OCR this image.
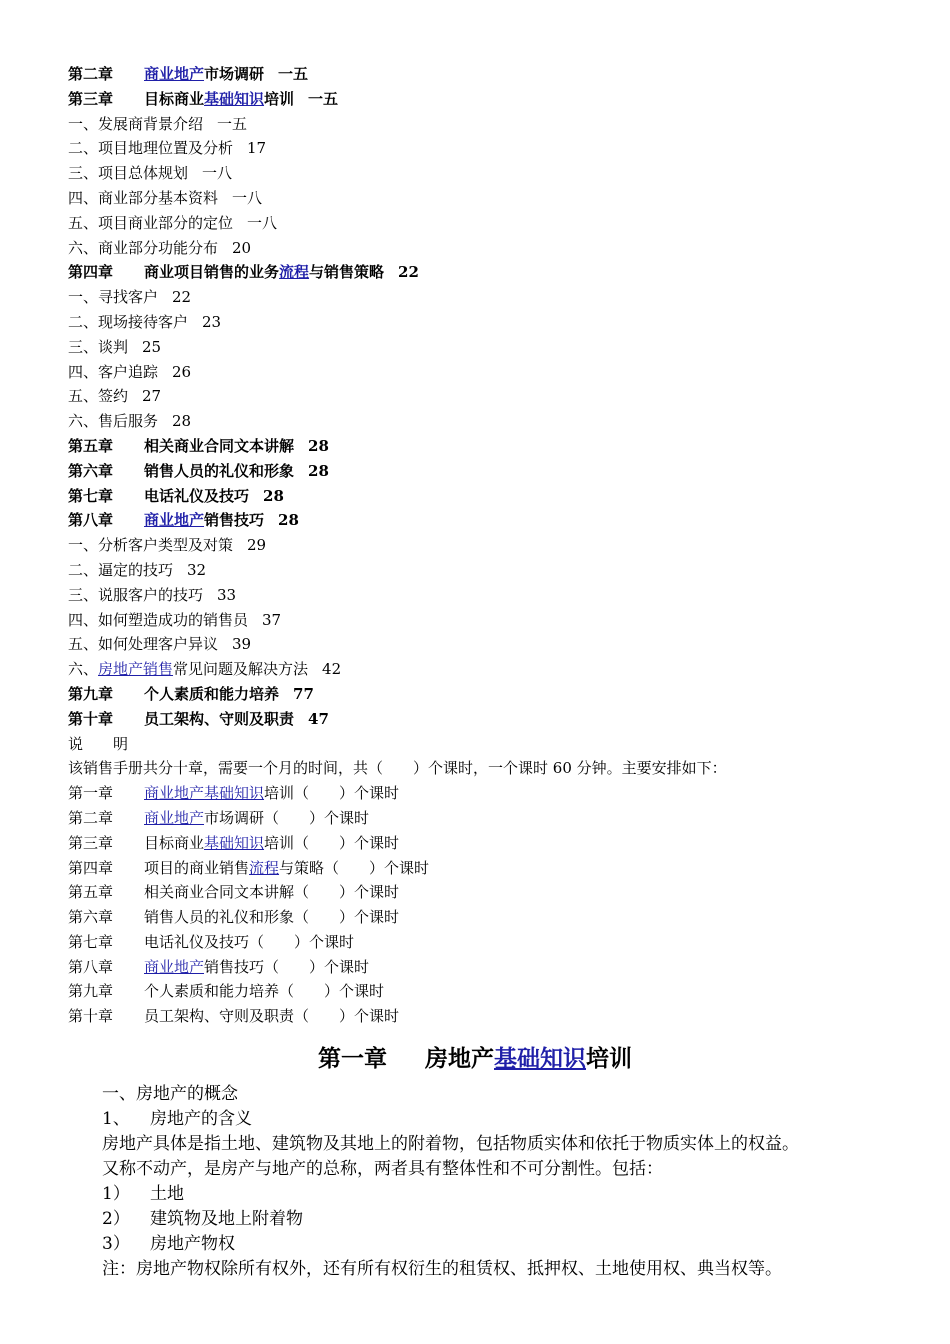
第二章 商业地产市场调研 一五
第三章 目标商业基础知识培训 一五
一、发展商背景介绍 一五
二、项目地理位置及分析 17
三、项目总体规划 一八
四、商业部分基本资料 一八
五、项目商业部分的定位 一八
六、商业部分功能分布 20
第四章 商业项目销售的业务流程与销售策略 22
一、寻找客户 22
二、现场接待客户 23
三、谈判 25
四、客户追踪 26
五、签约 27
六、售后服务 28
第五章 相关商业合同文本讲解 28
第六章 销售人员的礼仪和形象 28
第七章 电话礼仪及技巧 28
第八章 商业地产销售技巧 28
一、分析客户类型及对策 29
二、逼定的技巧 32
三、说服客户的技巧 33
四、如何塑造成功的销售员 37
五、如何处理客户异议 39
六、房地产销售常见问题及解决方法 42
第九章 个人素质和能力培养 77
第十章 员工架构、守则及职责 47
说　　明
该销售手册共分十章，需要一个月的时间，共（　　）个课时，一个课时 60 分钟。主要安排如下：
第一章 商业地产基础知识培训（　　）个课时
第二章 商业地产市场调研（　　）个课时
第三章 目标商业基础知识培训（　　）个课时
第四章 项目的商业销售流程与策略（　　）个课时
第五章 相关商业合同文本讲解（　　）个课时
第六章 销售人员的礼仪和形象（　　）个课时
第七章 电话礼仪及技巧（　　）个课时
第八章 商业地产销售技巧（　　）个课时
第九章 个人素质和能力培养（　　）个课时
第十章 员工架构、守则及职责（　　）个课时
第一章 房地产基础知识培训
一、房地产的概念
1、 房地产的含义
房地产具体是指土地、建筑物及其地上的附着物，包括物质实体和依托于物质实体上的权益。
又称不动产，是房产与地产的总称，两者具有整体性和不可分割性。包括：
1） 土地
2） 建筑物及地上附着物
3） 房地产物权
注：房地产物权除所有权外，还有所有权衍生的租赁权、抵押权、土地使用权、典当权等。
